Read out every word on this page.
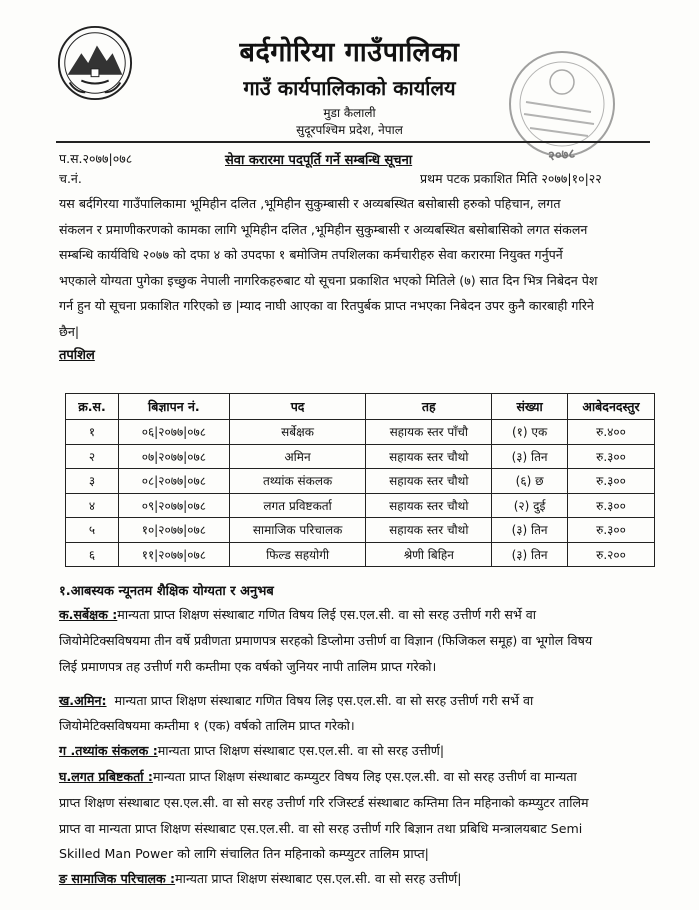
बर्दगोरिया गाउँपालिका
गाउँ कार्यपालिकाको कार्यालय
मुडा कैलाली
सुदूरपश्चिम प्रदेश, नेपाल
प.स.२०७७|०७८	सेवा करारमा पदपूर्ति गर्ने सम्बन्धि सूचना	२०७८
च.नं.	प्रथम पटक प्रकाशित मिति २०७७|१०|२२
यस बर्दगिरया गाउँपालिकामा भूमिहीन दलित ,भूमिहीन सुकुम्बासी र अव्यबस्थित बसोबासी हरुको पहिचान, लगत
संकलन र प्रमाणीकरणको कामका लागि भूमिहीन दलित ,भूमिहीन सुकुम्बासी र अव्यबस्थित बसोबासिको लगत संकलन
सम्बन्धि कार्यविधि २०७७ को दफा ४ को उपदफा १ बमोजिम तपशिलका कर्मचारीहरु सेवा करारमा नियुक्त गर्नुपर्ने
भएकाले योग्यता पुगेका इच्छुक नेपाली नागरिकहरुबाट यो सूचना प्रकाशित भएको मितिले (७) सात दिन भित्र निबेदन पेश
गर्न हुन यो सूचना प्रकाशित गरिएको छ |म्याद नाघी आएका वा रितपुर्बक प्राप्त नभएका निबेदन उपर कुनै कारबाही गरिने
छैन|
तपशिल
क्र.स.	बिज्ञापन नं.	पद	तह	संख्या	आबेदनदस्तुर
१	०६|२०७७|०७८	सर्बेक्षक	सहायक स्तर पाँचौ	(१) एक	रु.४००
२	०७|२०७७|०७८	अमिन	सहायक स्तर चौथो	(३) तिन	रु.३००
३	०८|२०७७|०७८	तथ्यांक संकलक	सहायक स्तर चौथो	(६) छ	रु.३००
४	०९|२०७७|०७८	लगत प्रविष्टकर्ता	सहायक स्तर चौथो	(२) दुई	रु.३००
५	१०|२०७७|०७८	सामाजिक परिचालक	सहायक स्तर चौथो	(३) तिन	रु.३००
६	११|२०७७|०७८	फिल्ड सहयोगी	श्रेणी बिहिन	(३) तिन	रु.२००
१.आबस्यक न्यूनतम शैक्षिक योग्यता र अनुभब
क.सर्बेक्षक :मान्यता प्राप्त शिक्षण संस्थाबाट गणित विषय लिई एस.एल.सी. वा सो सरह उत्तीर्ण गरी सर्भे वा
जियोमेटिक्सविषयमा तीन वर्षे प्रवीणता प्रमाणपत्र सरहको डिप्लोमा उत्तीर्ण वा विज्ञान (फिजिकल समूह) वा भूगोल विषय
लिई प्रमाणपत्र तह उत्तीर्ण गरी कम्तीमा एक वर्षको जुनियर नापी तालिम प्राप्त गरेको।
ख.अमिन: मान्यता प्राप्त शिक्षण संस्थाबाट गणित विषय लिइ एस.एल.सी. वा सो सरह उत्तीर्ण गरी सर्भे वा
जियोमेटिक्सविषयमा कम्तीमा १ (एक) वर्षको तालिम प्राप्त गरेको।
ग .तथ्यांक संकलक :मान्यता प्राप्त शिक्षण संस्थाबाट एस.एल.सी. वा सो सरह उत्तीर्ण|
घ.लगत प्रबिष्टकर्ता :मान्यता प्राप्त शिक्षण संस्थाबाट कम्प्युटर विषय लिइ एस.एल.सी. वा सो सरह उत्तीर्ण वा मान्यता
प्राप्त शिक्षण संस्थाबाट एस.एल.सी. वा सो सरह उत्तीर्ण गरि रजिस्टर्ड संस्थाबाट कम्तिमा तिन महिनाको कम्प्युटर तालिम
प्राप्त वा मान्यता प्राप्त शिक्षण संस्थाबाट एस.एल.सी. वा सो सरह उत्तीर्ण गरि बिज्ञान तथा प्रबिधि मन्त्रालयबाट Semi
Skilled Man Power को लागि संचालित तिन महिनाको कम्प्युटर तालिम प्राप्त|
ङ सामाजिक परिचालक :मान्यता प्राप्त शिक्षण संस्थाबाट एस.एल.सी. वा सो सरह उत्तीर्ण|
